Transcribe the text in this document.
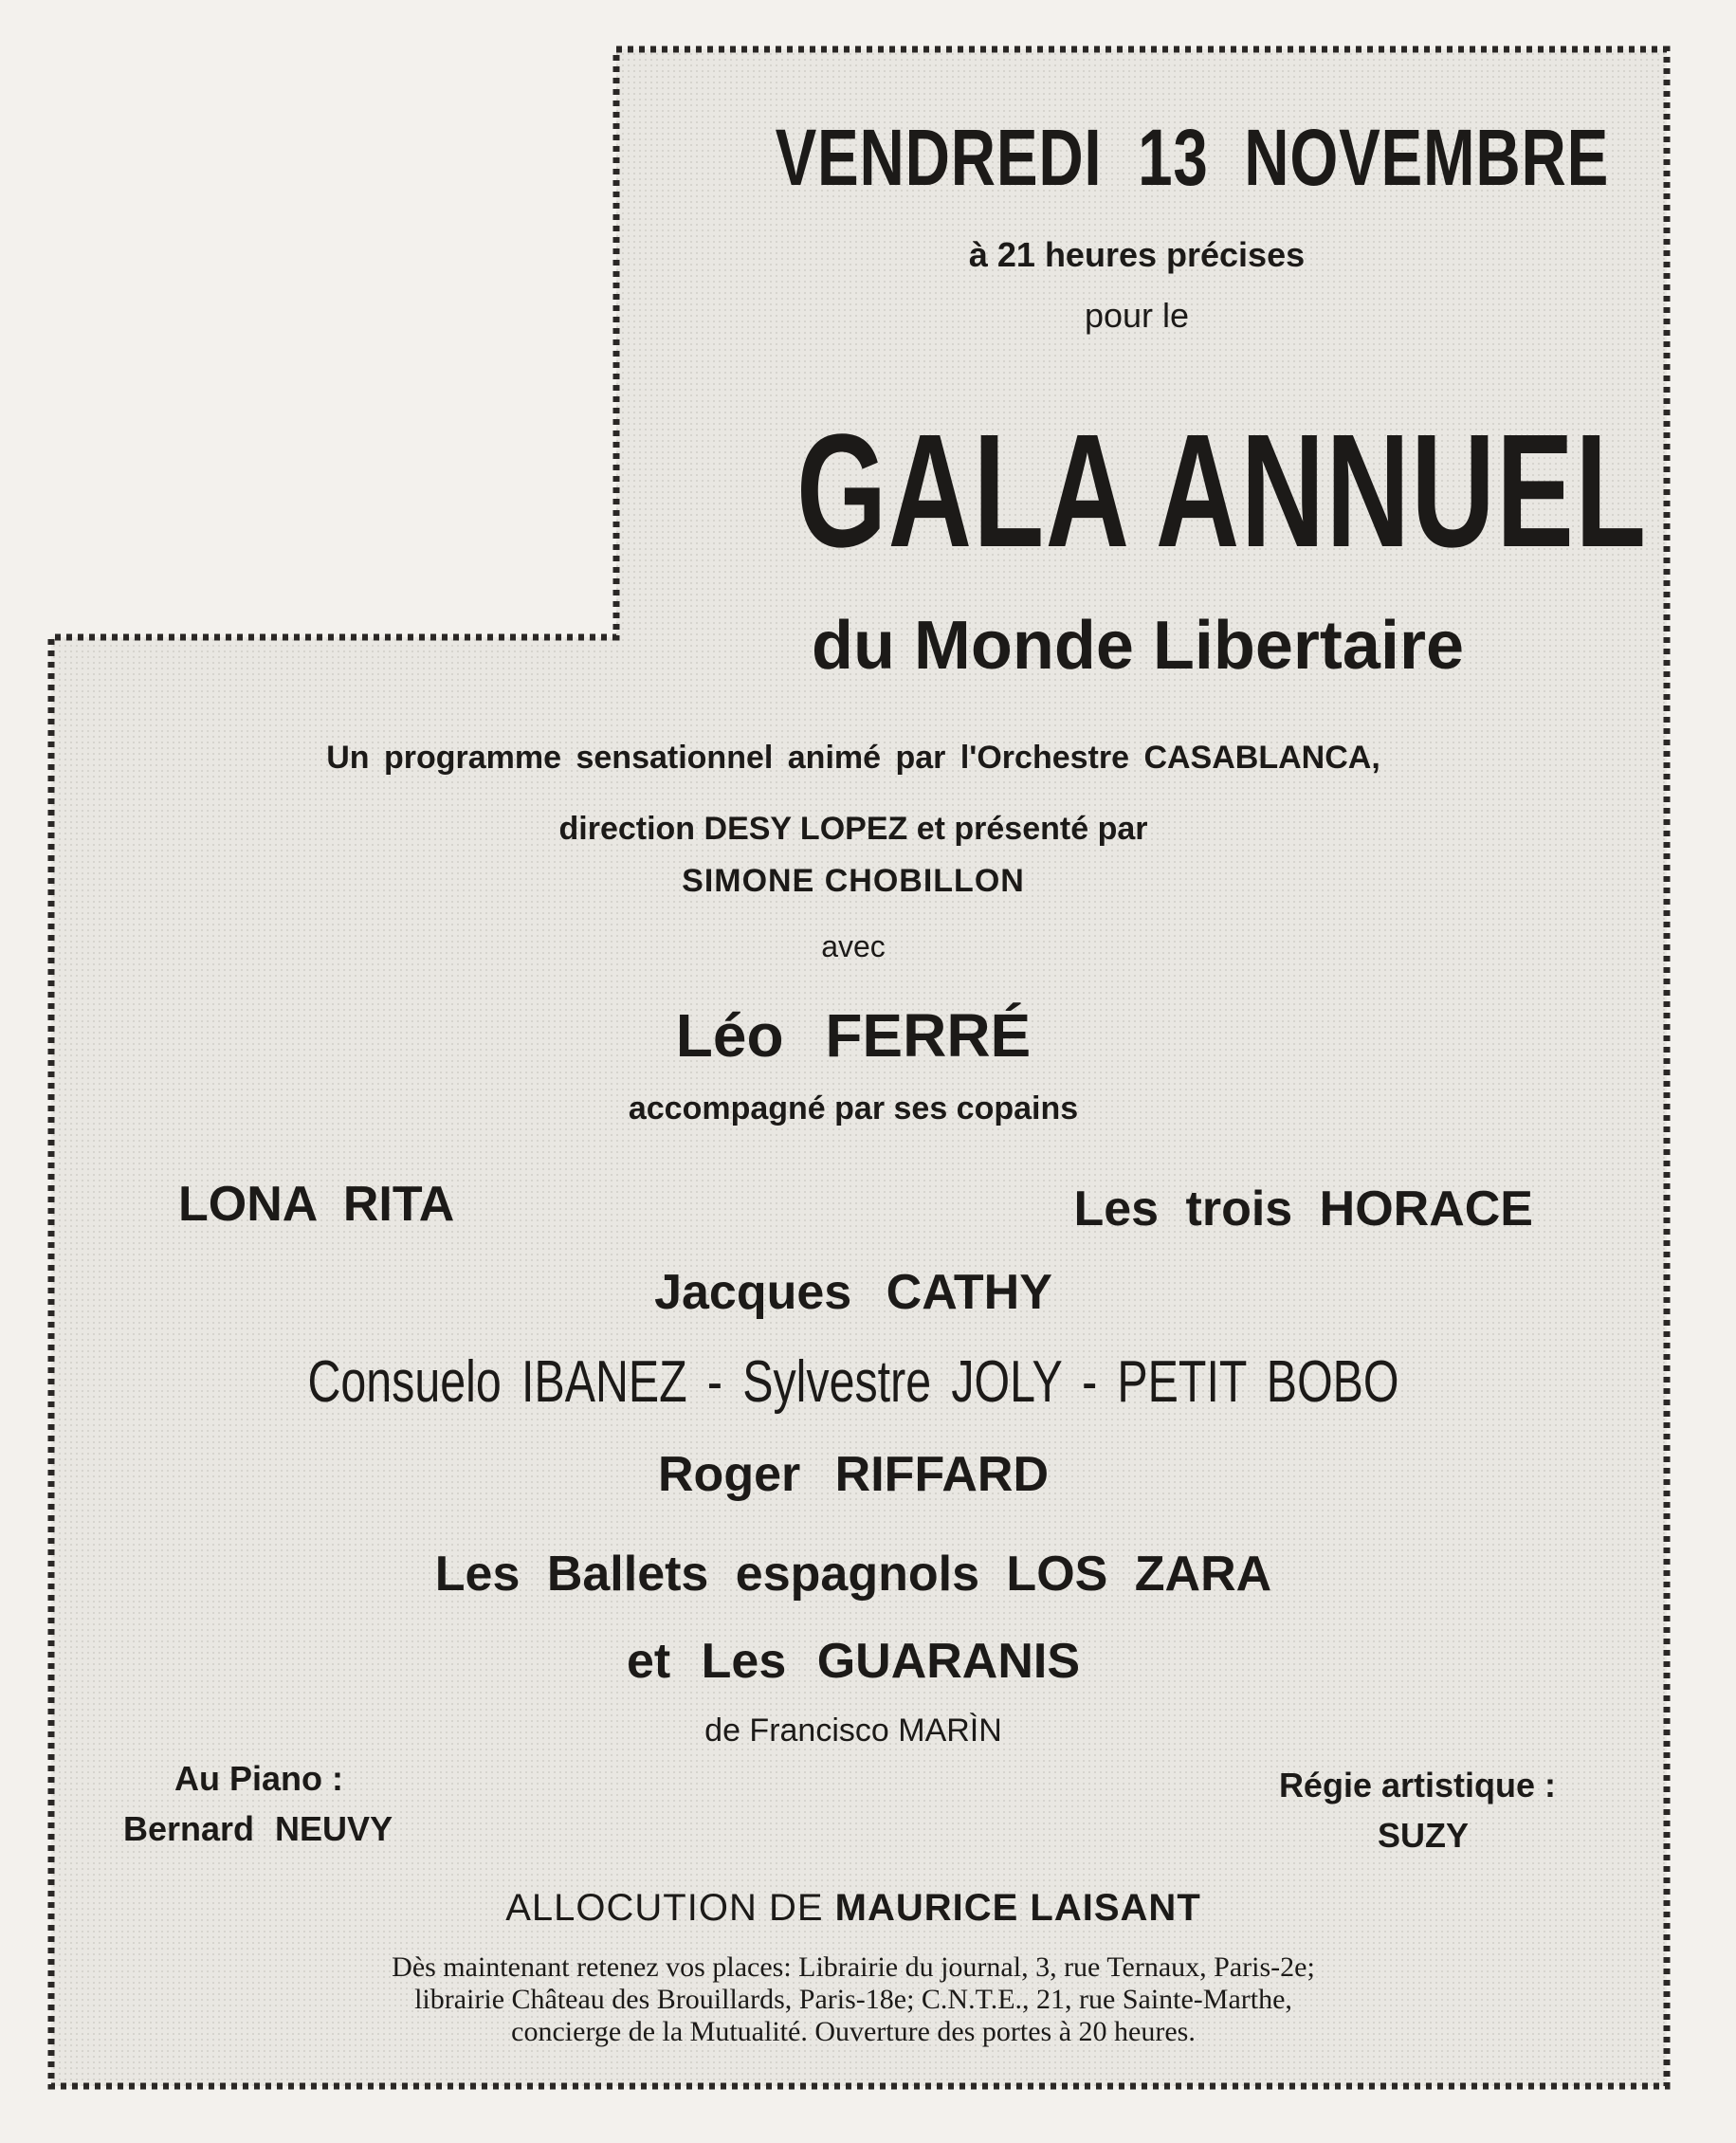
VENDREDI 13 NOVEMBRE
à 21 heures précises
pour le
GALA ANNUEL
du Monde Libertaire
Un programme sensationnel animé par l'Orchestre CASABLANCA,
direction DESY LOPEZ et présenté par
SIMONE CHOBILLON
avec
Léo FERRÉ
accompagné par ses copains
LONA RITA	Les trois HORACE
Jacques CATHY
Consuelo IBANEZ - Sylvestre JOLY - PETIT BOBO
Roger RIFFARD
Les Ballets espagnols LOS ZARA
et Les GUARANIS
de Francisco MARÌN
Au Piano :
Bernard NEUVY
Régie artistique :
SUZY
ALLOCUTION DE MAURICE LAISANT
Dès maintenant retenez vos places: Librairie du journal, 3, rue Ternaux, Paris-2e;
librairie Château des Brouillards, Paris-18e; C.N.T.E., 21, rue Sainte-Marthe,
concierge de la Mutualité. Ouverture des portes à 20 heures.
